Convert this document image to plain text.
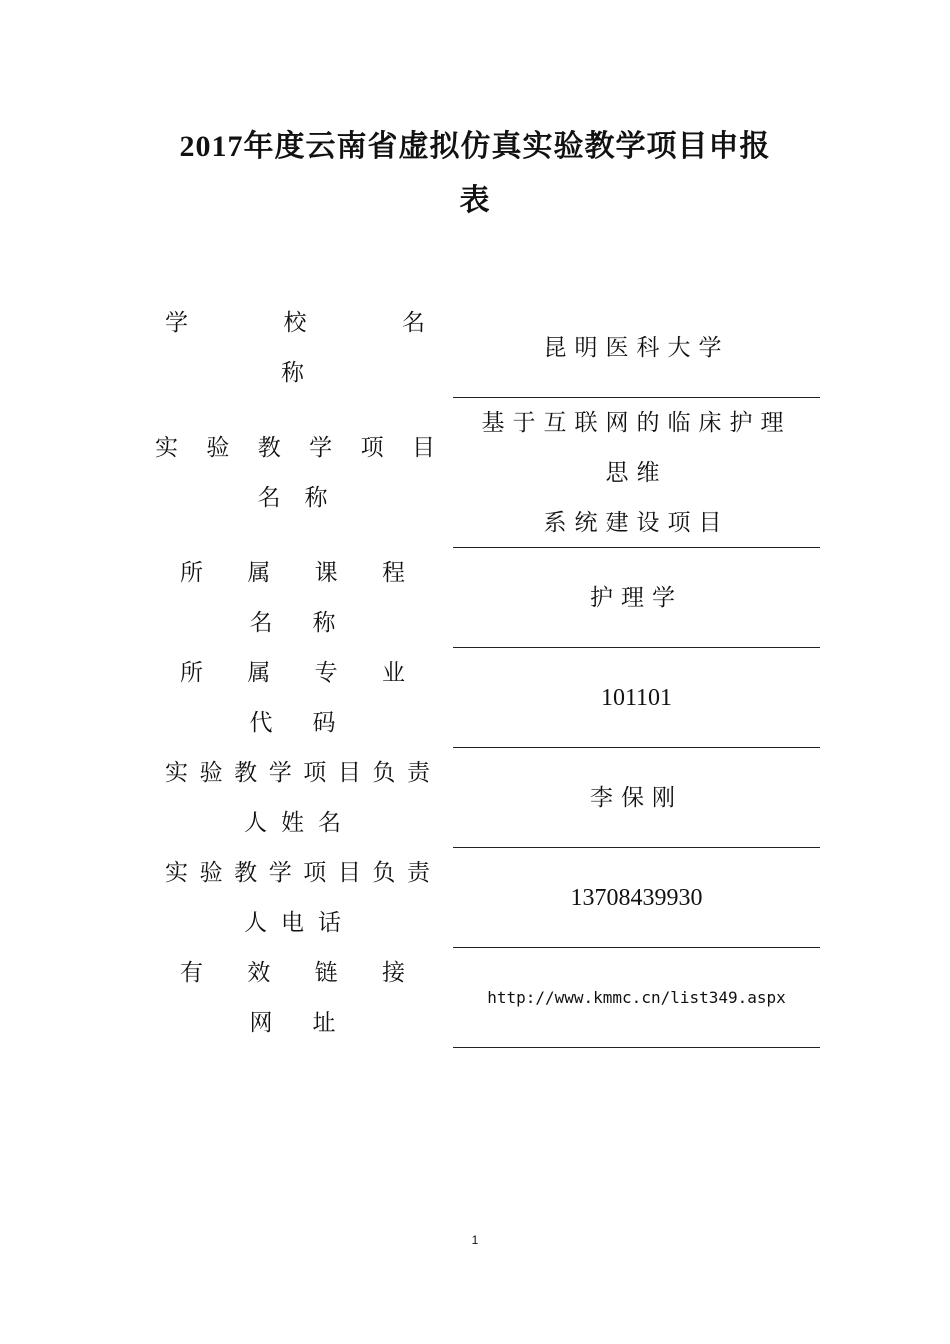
2017年度云南省虚拟仿真实验教学项目申报
表
学	校	名
称
昆明医科大学
实 验 教 学 项 目
名 称
基于互联网的临床护理
思维
系统建设项目
所 属 课 程
名 称
护理学
所 属 专 业
代 码
101101
实 验 教 学 项 目 负 责
人 姓 名
李保刚
实 验 教 学 项 目 负 责
人 电 话
13708439930
有 效 链 接
网 址
http://www.kmmc.cn/list349.aspx
1
